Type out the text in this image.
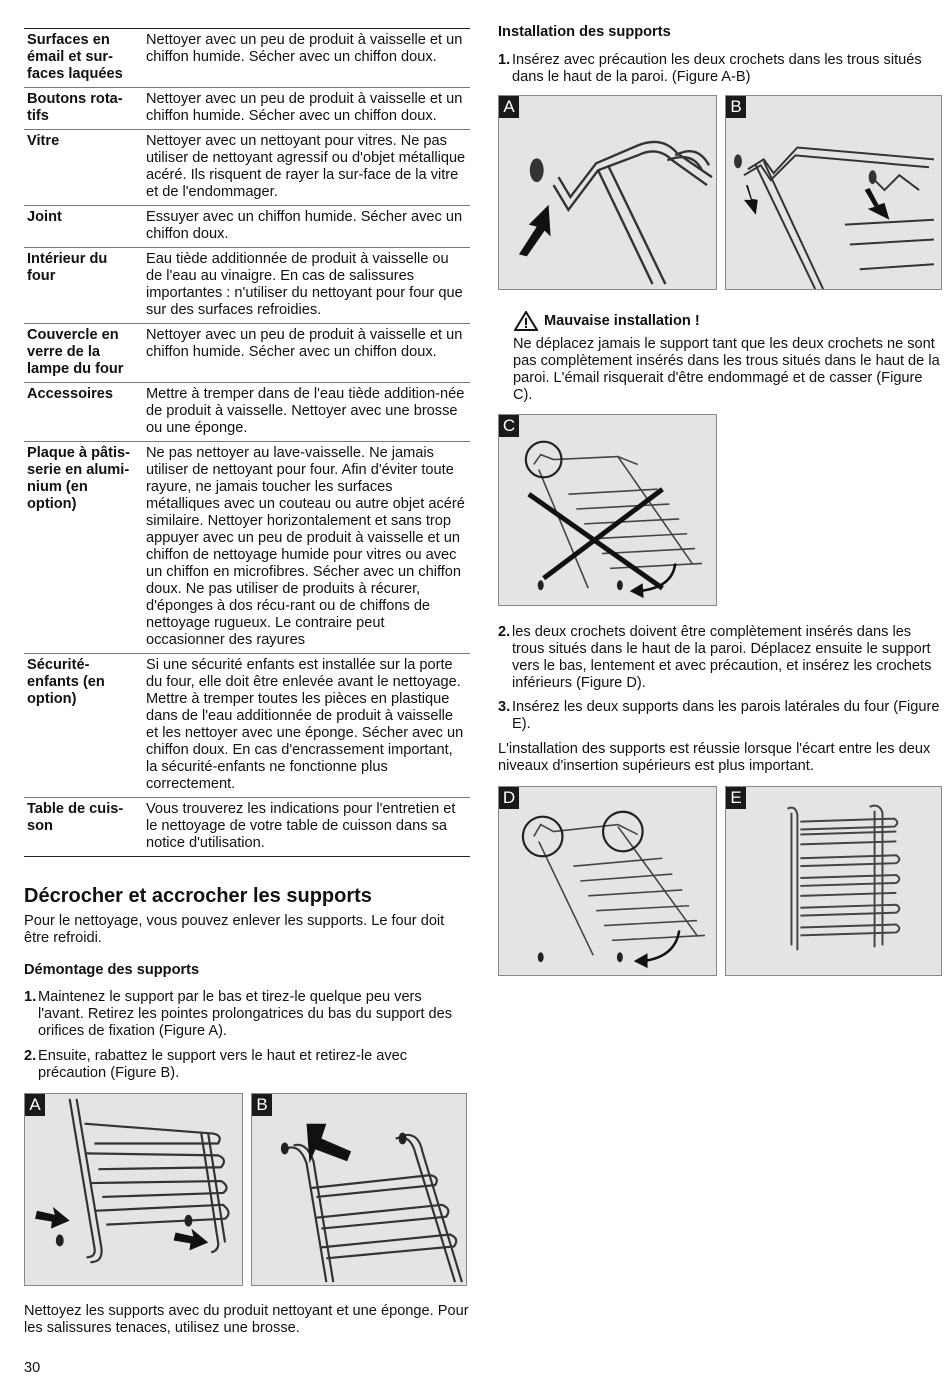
Surfaces en émail et sur-faces laquées	Nettoyer avec un peu de produit à vaisselle et un chiffon humide. Sécher avec un chiffon doux.
Boutons rota-tifs	Nettoyer avec un peu de produit à vaisselle et un chiffon humide. Sécher avec un chiffon doux.
Vitre	Nettoyer avec un nettoyant pour vitres. Ne pas utiliser de nettoyant agressif ou d'objet métallique acéré. Ils risquent de rayer la sur-face de la vitre et de l'endommager.
Joint	Essuyer avec un chiffon humide. Sécher avec un chiffon doux.
Intérieur du four	Eau tiède additionnée de produit à vaisselle ou de l'eau au vinaigre. En cas de salissures importantes : n'utiliser du nettoyant pour four que sur des surfaces refroidies.
Couvercle en verre de la lampe du four	Nettoyer avec un peu de produit à vaisselle et un chiffon humide. Sécher avec un chiffon doux.
Accessoires	Mettre à tremper dans de l'eau tiède addition-née de produit à vaisselle. Nettoyer avec une brosse ou une éponge.
Plaque à pâtis-serie en alumi-nium (en option)	Ne pas nettoyer au lave-vaisselle. Ne jamais utiliser de nettoyant pour four. Afin d'éviter toute rayure, ne jamais toucher les surfaces métalliques avec un couteau ou autre objet acéré similaire. Nettoyer horizontalement et sans trop appuyer avec un peu de produit à vaisselle et un chiffon de nettoyage humide pour vitres ou avec un chiffon en microfibres. Sécher avec un chiffon doux. Ne pas utiliser de produits à récurer, d'éponges à dos récu-rant ou de chiffons de nettoyage rugueux. Le contraire peut occasionner des rayures
Sécurité-enfants (en option)	Si une sécurité enfants est installée sur la porte du four, elle doit être enlevée avant le nettoyage. Mettre à tremper toutes les pièces en plastique dans de l'eau additionnée de produit à vaisselle et les nettoyer avec une éponge. Sécher avec un chiffon doux. En cas d'encrassement important, la sécurité-enfants ne fonctionne plus correctement.
Table de cuis-son	Vous trouverez les indications pour l'entretien et le nettoyage de votre table de cuisson dans sa notice d'utilisation.
Décrocher et accrocher les supports

Pour le nettoyage, vous pouvez enlever les supports. Le four doit être refroidi.

Démontage des supports
1. Maintenez le support par le bas et tirez-le quelque peu vers l'avant. Retirez les pointes prolongatrices du bas du support des orifices de fixation (Figure A).
2. Ensuite, rabattez le support vers le haut et retirez-le avec précaution (Figure B).
A	B

Nettoyez les supports avec du produit nettoyant et une éponge. Pour les salissures tenaces, utilisez une brosse.

30
Installation des supports
1. Insérez avec précaution les deux crochets dans les trous situés dans le haut de la paroi. (Figure A-B)
A	B
Mauvaise installation !

Ne déplacez jamais le support tant que les deux crochets ne sont pas complètement insérés dans les trous situés dans le haut de la paroi. L'émail risquerait d'être endommagé et de casser (Figure C).

C
2. les deux crochets doivent être complètement insérés dans les trous situés dans le haut de la paroi. Déplacez ensuite le support vers le bas, lentement et avec précaution, et insérez les crochets inférieurs (Figure D).
3. Insérez les deux supports dans les parois latérales du four (Figure E).

L'installation des supports est réussie lorsque l'écart entre les deux niveaux d'insertion supérieurs est plus important.

D	E
